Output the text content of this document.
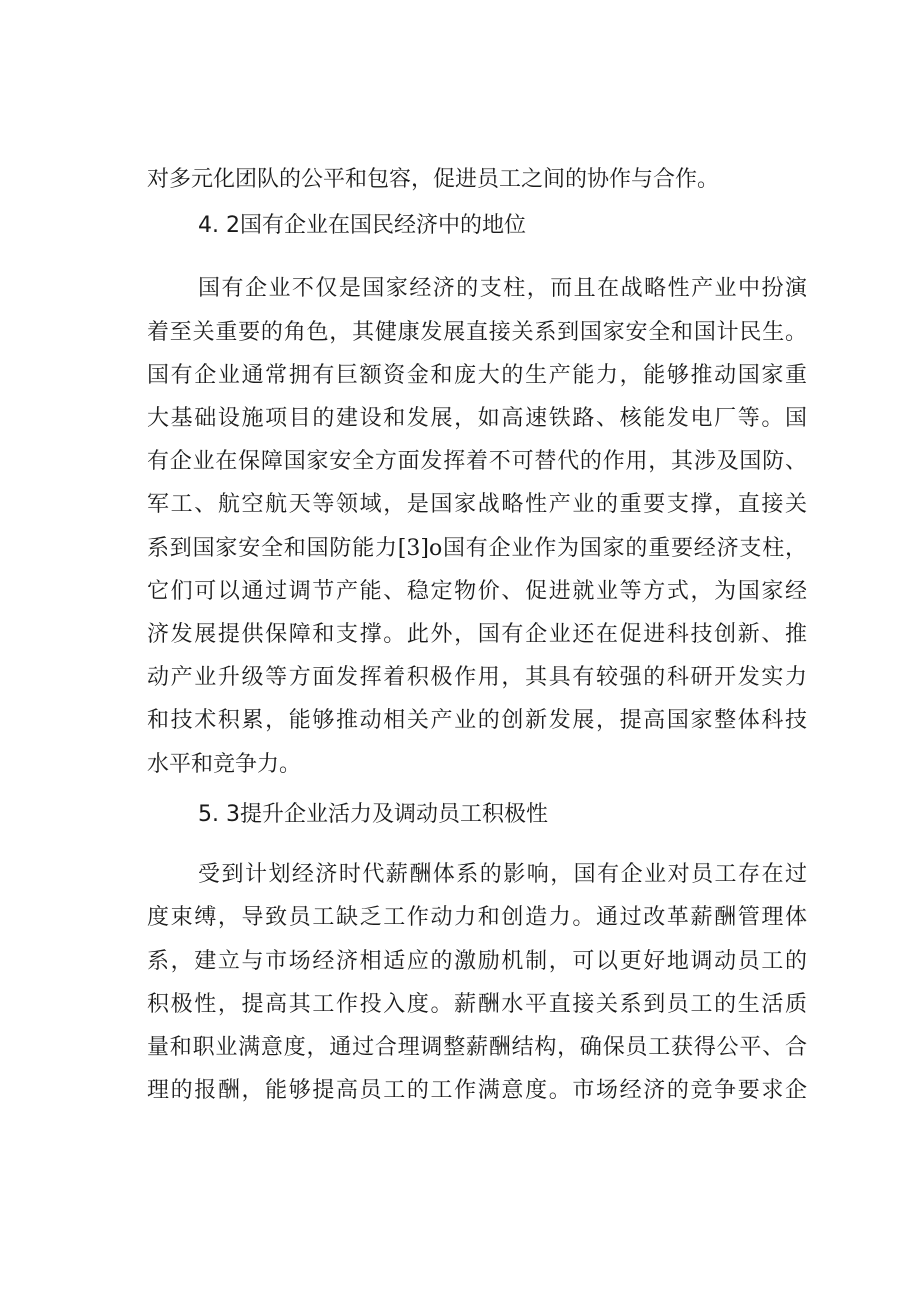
对多元化团队的公平和包容，促进员工之间的协作与合作。
4. 2国有企业在国民经济中的地位
国有企业不仅是国家经济的支柱，而且在战略性产业中扮演
着至关重要的角色，其健康发展直接关系到国家安全和国计民生。
国有企业通常拥有巨额资金和庞大的生产能力，能够推动国家重
大基础设施项目的建设和发展，如高速铁路、核能发电厂等。国
有企业在保障国家安全方面发挥着不可替代的作用，其涉及国防、
军工、航空航天等领域，是国家战略性产业的重要支撑，直接关
系到国家安全和国防能力[3]o国有企业作为国家的重要经济支柱，
它们可以通过调节产能、稳定物价、促进就业等方式，为国家经
济发展提供保障和支撑。此外，国有企业还在促进科技创新、推
动产业升级等方面发挥着积极作用，其具有较强的科研开发实力
和技术积累，能够推动相关产业的创新发展，提高国家整体科技
水平和竞争力。
5. 3提升企业活力及调动员工积极性
受到计划经济时代薪酬体系的影响，国有企业对员工存在过
度束缚，导致员工缺乏工作动力和创造力。通过改革薪酬管理体
系，建立与市场经济相适应的激励机制，可以更好地调动员工的
积极性，提高其工作投入度。薪酬水平直接关系到员工的生活质
量和职业满意度，通过合理调整薪酬结构，确保员工获得公平、合
理的报酬，能够提高员工的工作满意度。市场经济的竞争要求企
